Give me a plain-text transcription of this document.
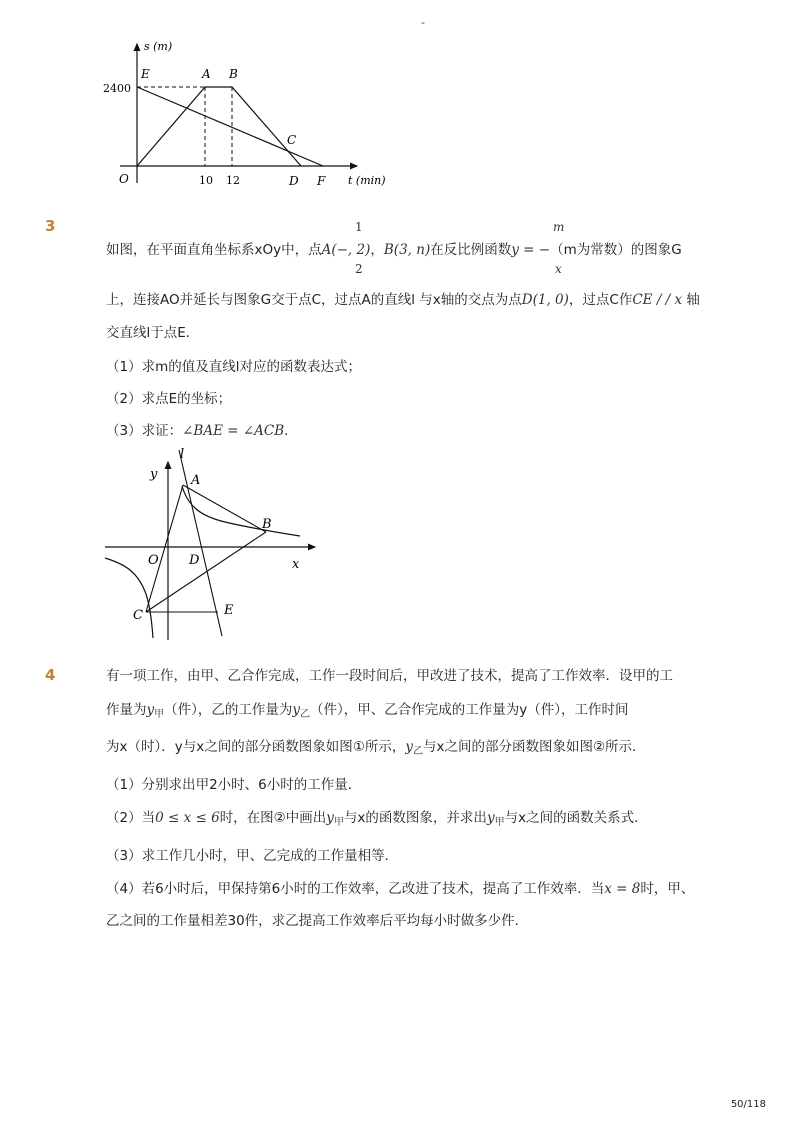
-
s (m)
t (min)
2400
10 12
E	A B
C
D F
O
3	1
2
m
x
如图，在平面直角坐标系xOy中，点A(−, 2)，B(3, n)在反比例函数y = −（m为常数）的图象G
上，连接AO并延长与图象G交于点C，过点A的直线l 与x轴的交点为点D(1, 0)，过点C作CE / / x 轴
交直线l于点E．
（1）求m的值及直线l对应的函数表达式；
（2）求点E的坐标；
（3）求证：∠BAE = ∠ACB．
y
l
A
B
O D	x
C	E
4	有一项工作，由甲、乙合作完成，工作一段时间后，甲改进了技术，提高了工作效率．设甲的工
作量为$y_甲$（件），乙的工作量为$y_乙$（件），甲、乙合作完成的工作量为y（件），工作时间
为x（时）．y与x之间的部分函数图象如图①所示，$y_乙$与x之间的部分函数图象如图②所示．
（1）分别求出甲2小时、6小时的工作量．
（2）当0 ≤ x ≤ 6时，在图②中画出$y_甲$与x的函数图象，并求出$y_甲$与x之间的函数关系式．
（3）求工作几小时，甲、乙完成的工作量相等．
（4）若6小时后，甲保持第6小时的工作效率，乙改进了技术，提高了工作效率．当x = 8时，甲、
乙之间的工作量相差30件，求乙提高工作效率后平均每小时做多少件．
50/118
